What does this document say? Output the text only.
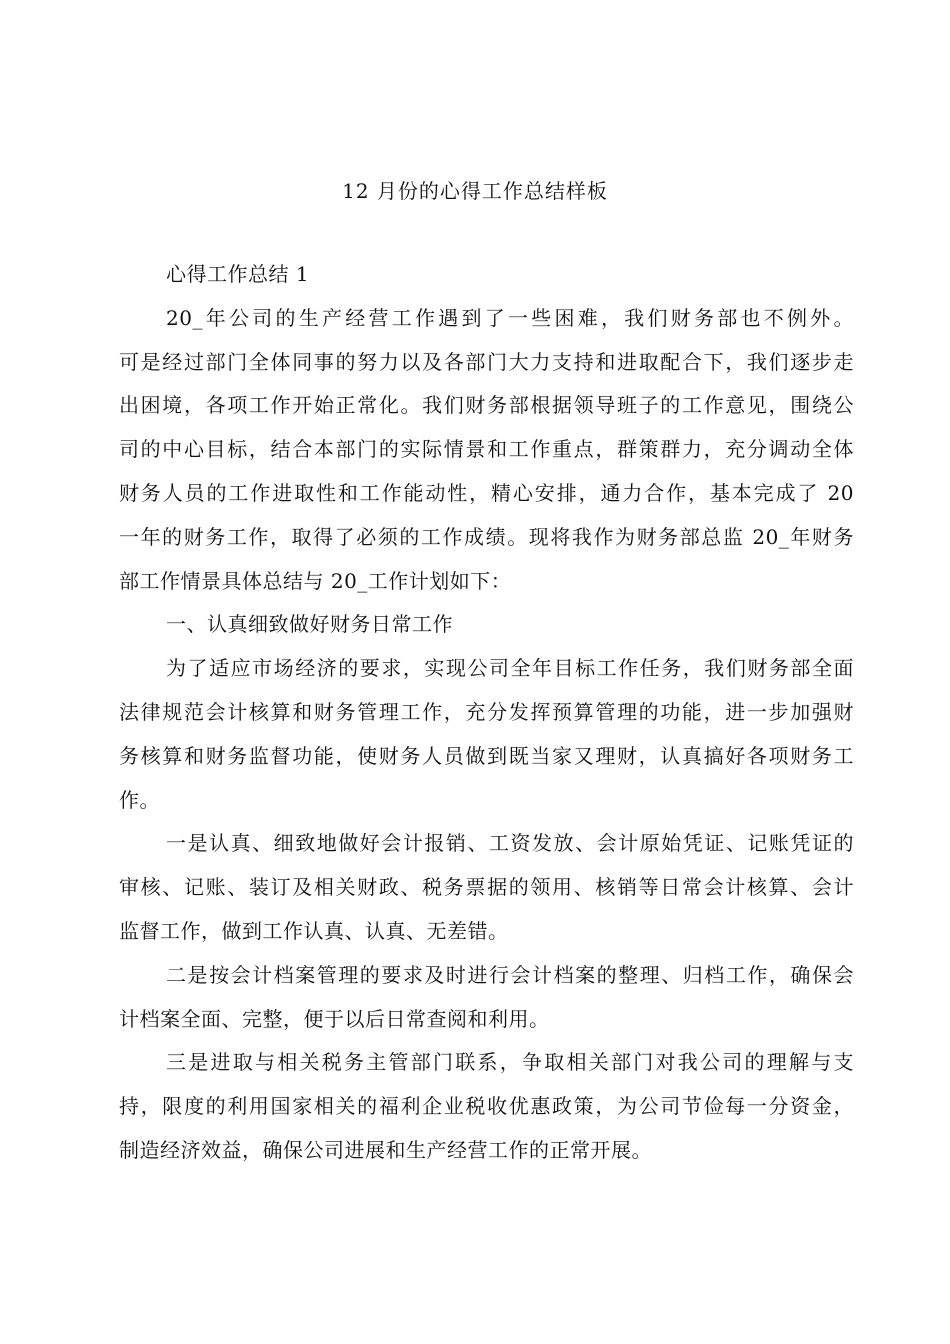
12 月份的心得工作总结样板
心得工作总结 1
20_年公司的生产经营工作遇到了一些困难，我们财务部也不例外。
可是经过部门全体同事的努力以及各部门大力支持和进取配合下，我们逐步走
出困境，各项工作开始正常化。我们财务部根据领导班子的工作意见，围绕公
司的中心目标，结合本部门的实际情景和工作重点，群策群力，充分调动全体
财务人员的工作进取性和工作能动性，精心安排，通力合作，基本完成了 20
一年的财务工作，取得了必须的工作成绩。现将我作为财务部总监 20_年财务
部工作情景具体总结与 20_工作计划如下：
一、认真细致做好财务日常工作
为了适应市场经济的要求，实现公司全年目标工作任务，我们财务部全面
法律规范会计核算和财务管理工作，充分发挥预算管理的功能，进一步加强财
务核算和财务监督功能，使财务人员做到既当家又理财，认真搞好各项财务工
作。
一是认真、细致地做好会计报销、工资发放、会计原始凭证、记账凭证的
审核、记账、装订及相关财政、税务票据的领用、核销等日常会计核算、会计
监督工作，做到工作认真、认真、无差错。
二是按会计档案管理的要求及时进行会计档案的整理、归档工作，确保会
计档案全面、完整，便于以后日常查阅和利用。
三是进取与相关税务主管部门联系，争取相关部门对我公司的理解与支
持，限度的利用国家相关的福利企业税收优惠政策，为公司节俭每一分资金，
制造经济效益，确保公司进展和生产经营工作的正常开展。
